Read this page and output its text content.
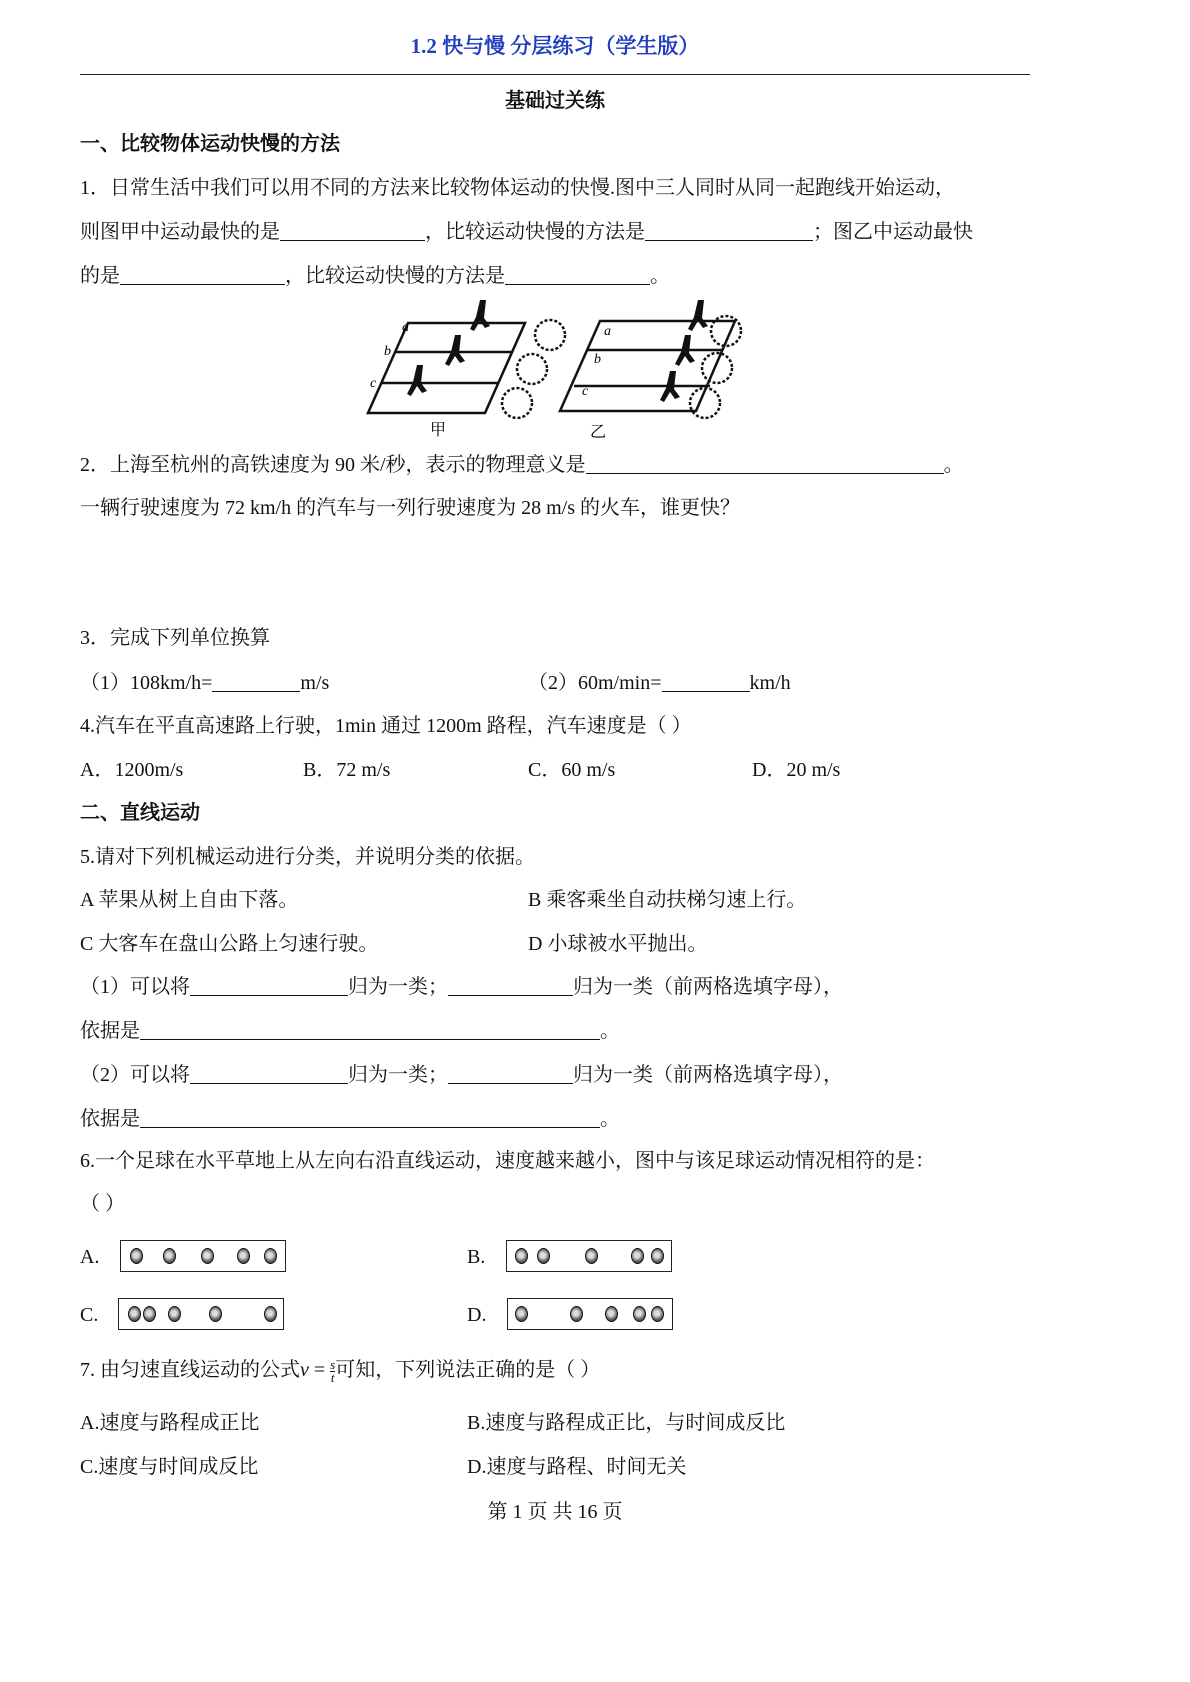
1.2 快与慢 分层练习（学生版）
基础过关练
一、比较物体运动快慢的方法
1．日常生活中我们可以用不同的方法来比较物体运动的快慢.图中三人同时从同一起跑线开始运动，
则图甲中运动最快的是	，比较运动快慢的方法是	；图乙中运动最快
的是	，比较运动快慢的方法是	。
a
b
c
a
b
c
甲	乙
2．上海至杭州的高铁速度为 90 米/秒，表示的物理意义是	。
一辆行驶速度为 72 km/h 的汽车与一列行驶速度为 28 m/s 的火车，谁更快？
3．完成下列单位换算
（1）108km/h=	m/s	（2）60m/min=	km/h
4.汽车在平直高速路上行驶，1min 通过 1200m 路程，汽车速度是（ ）
A．1200m/s	B．72 m/s	C．60 m/s	D．20 m/s
二、直线运动
5.请对下列机械运动进行分类，并说明分类的依据。
A 苹果从树上自由下落。	B 乘客乘坐自动扶梯匀速上行。
C 大客车在盘山公路上匀速行驶。	D 小球被水平抛出。
（1）可以将	归为一类；	归为一类（前两格选填字母），
依据是	。
（2）可以将	归为一类；	归为一类（前两格选填字母），
依据是	。
6.一个足球在水平草地上从左向右沿直线运动，速度越来越小，图中与该足球运动情况相符的是：
（ ）
A.	B.
C.	D.
7. 由匀速直线运动的公式$v = \frac{s}{t}$ 可知，下列说法正确的是（ ）
A.速度与路程成正比	B.速度与路程成正比，与时间成反比
C.速度与时间成反比	D.速度与路程、时间无关
第 1 页 共 16 页
